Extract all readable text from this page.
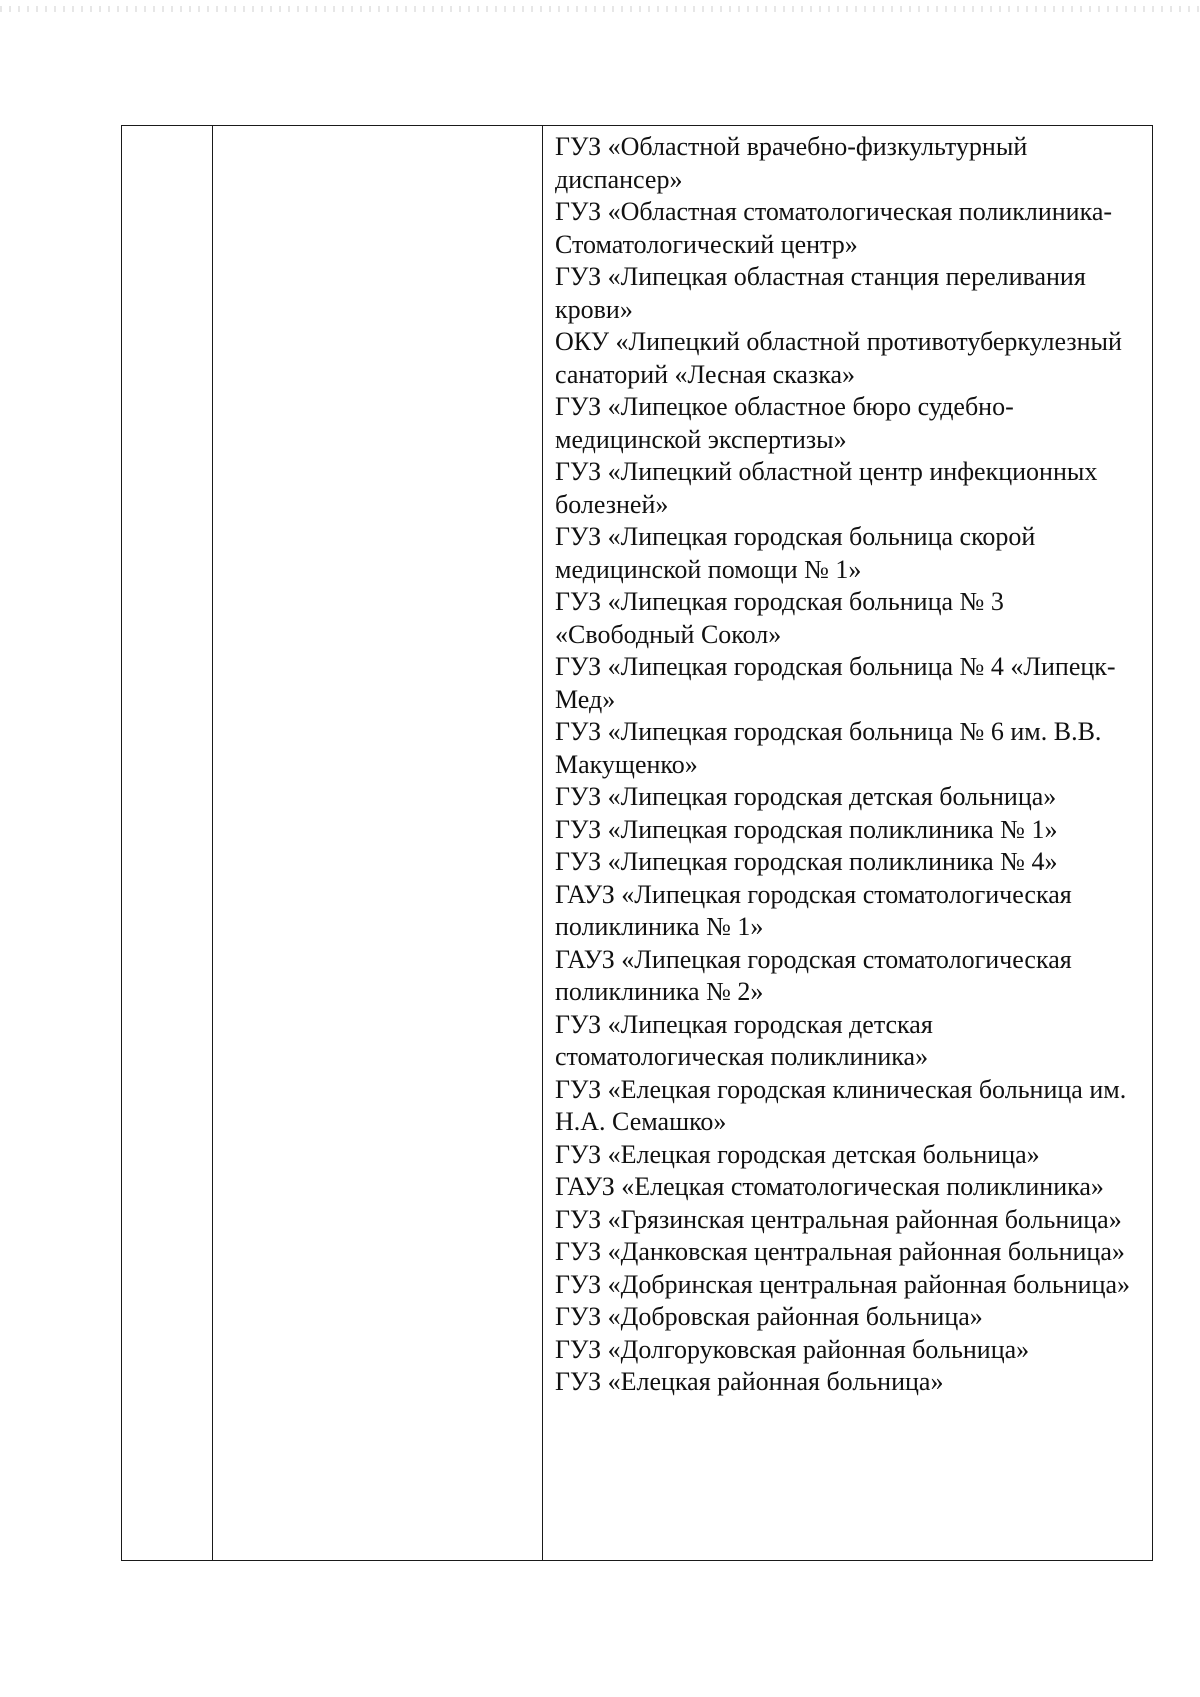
ГУЗ «Областной врачебно-физкультурный диспансер»
ГУЗ «Областная стоматологическая поликлиника-Стоматологический центр»
ГУЗ «Липецкая областная станция переливания крови»
ОКУ «Липецкий областной противотуберкулезный санаторий «Лесная сказка»
ГУЗ «Липецкое областное бюро судебно-медицинской экспертизы»
ГУЗ «Липецкий областной центр инфекционных болезней»
ГУЗ «Липецкая городская больница скорой медицинской помощи № 1»
ГУЗ «Липецкая городская больница № 3 «Свободный Сокол»
ГУЗ «Липецкая городская больница № 4 «Липецк-Мед»
ГУЗ «Липецкая городская больница № 6 им. В.В. Макущенко»
ГУЗ «Липецкая городская детская больница»
ГУЗ «Липецкая городская поликлиника № 1»
ГУЗ «Липецкая городская поликлиника № 4»
ГАУЗ «Липецкая городская стоматологическая поликлиника № 1»
ГАУЗ «Липецкая городская стоматологическая поликлиника № 2»
ГУЗ «Липецкая городская детская стоматологическая поликлиника»
ГУЗ «Елецкая городская клиническая больница им. Н.А. Семашко»
ГУЗ «Елецкая городская детская больница»
ГАУЗ «Елецкая стоматологическая поликлиника»
ГУЗ «Грязинская центральная районная больница»
ГУЗ «Данковская центральная районная больница»
ГУЗ «Добринская центральная районная больница»
ГУЗ «Добровская районная больница»
ГУЗ «Долгоруковская районная больница»
ГУЗ «Елецкая районная больница»
